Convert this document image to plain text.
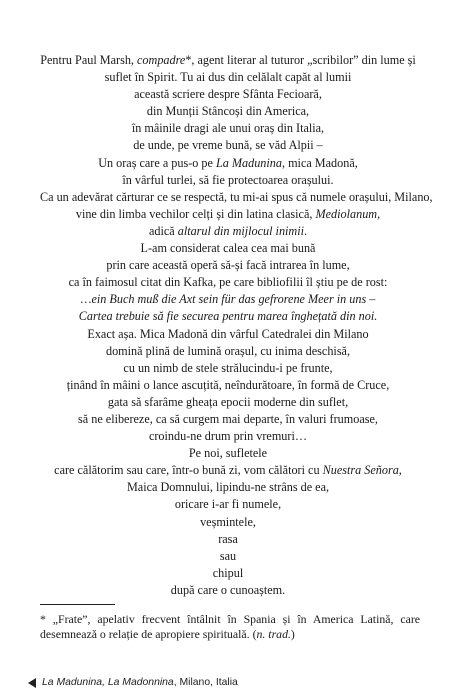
Pentru Paul Marsh, compadre*, agent literar al tuturor „scribilor” din lume și
suflet în Spirit. Tu ai dus din celălalt capăt al lumii
această scriere despre Sfânta Fecioară,
din Munții Stâncoși din America,
în mâinile dragi ale unui oraș din Italia,
de unde, pe vreme bună, se văd Alpii –
Un oraș care a pus-o pe La Madunina, mica Madonă,
în vârful turlei, să fie protectoarea orașului.
Ca un adevărat cărturar ce se respectă, tu mi-ai spus că numele orașului, Milano,
vine din limba vechilor celți și din latina clasică, Mediolanum,
adică altarul din mijlocul inimii.
L-am considerat calea cea mai bună
prin care această operă să-și facă intrarea în lume,
ca în faimosul citat din Kafka, pe care bibliofilii îl știu pe de rost:
…ein Buch muß die Axt sein für das gefrorene Meer in uns –
Cartea trebuie să fie securea pentru marea înghețată din noi.
Exact așa. Mica Madonă din vârful Catedralei din Milano
domină plină de lumină orașul, cu inima deschisă,
cu un nimb de stele strălucindu-i pe frunte,
ținând în mâini o lance ascuțită, neîndurătoare, în formă de Cruce,
gata să sfarâme gheața epocii moderne din suflet,
să ne elibereze, ca să curgem mai departe, în valuri frumoase,
croindu-ne drum prin vremuri…
Pe noi, sufletele
care călătorim sau care, într-o bună zi, vom călători cu Nuestra Señora,
Maica Domnului, lipindu-ne strâns de ea,
oricare i-ar fi numele,
veșmintele,
rasa
sau
chipul
după care o cunoaștem.
* „Frate”, apelativ frecvent întâlnit în Spania și în America Latină, care desemnează o relație de apropiere spirituală. (n. trad.)
La Madunina, La Madonnina , Milano, Italia
